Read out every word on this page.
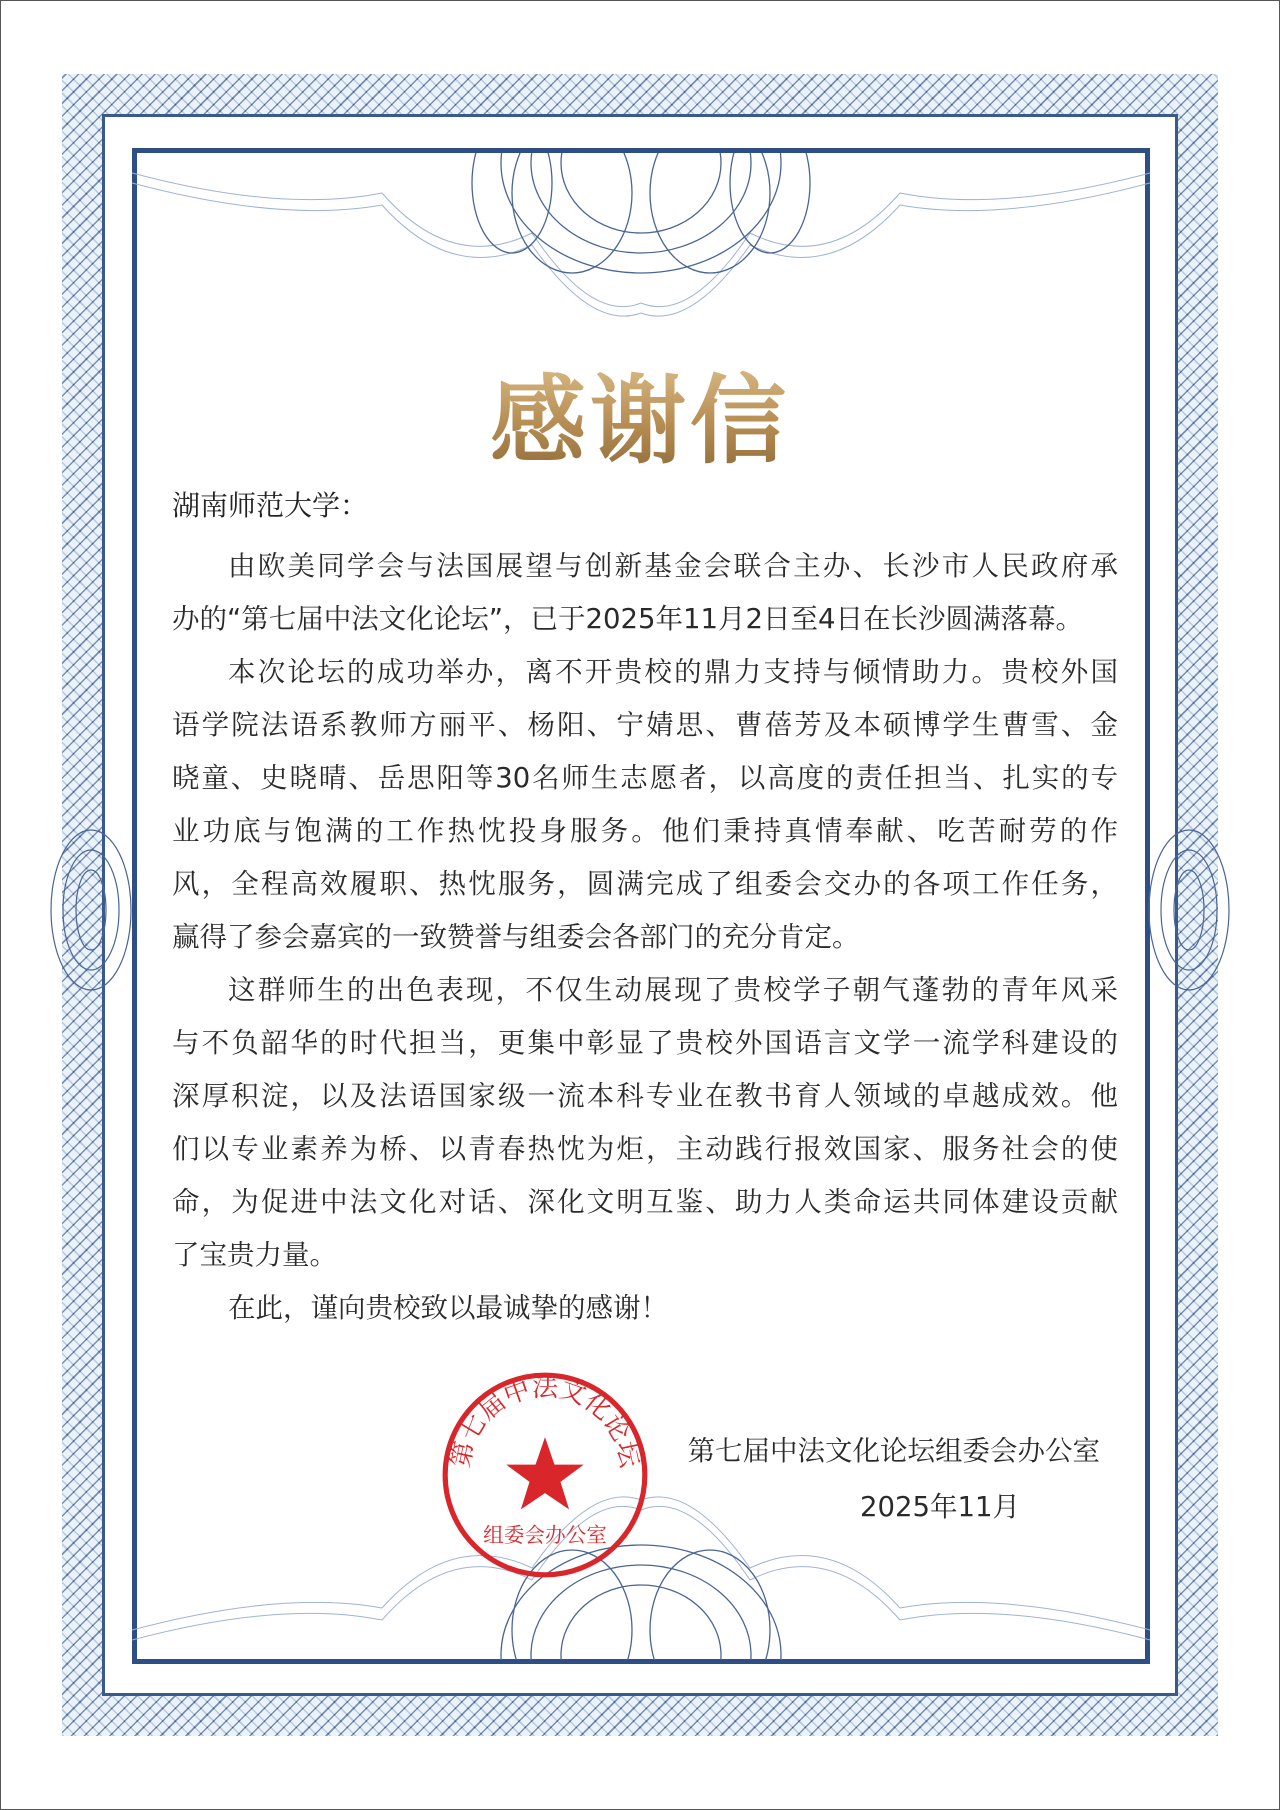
感谢信
湖南师范大学：
由欧美同学会与法国展望与创新基金会联合主办、长沙市人民政府承
办的“第七届中法文化论坛”，已于2025年11月2日至4日在长沙圆满落幕。
本次论坛的成功举办，离不开贵校的鼎力支持与倾情助力。贵校外国
语学院法语系教师方丽平、杨阳、宁婧思、曹蓓芳及本硕博学生曹雪、金
晓童、史晓晴、岳思阳等30名师生志愿者，以高度的责任担当、扎实的专
业功底与饱满的工作热忱投身服务。他们秉持真情奉献、吃苦耐劳的作
风，全程高效履职、热忱服务，圆满完成了组委会交办的各项工作任务，
赢得了参会嘉宾的一致赞誉与组委会各部门的充分肯定。
这群师生的出色表现，不仅生动展现了贵校学子朝气蓬勃的青年风采
与不负韶华的时代担当，更集中彰显了贵校外国语言文学一流学科建设的
深厚积淀，以及法语国家级一流本科专业在教书育人领域的卓越成效。他
们以专业素养为桥、以青春热忱为炬，主动践行报效国家、服务社会的使
命，为促进中法文化对话、深化文明互鉴、助力人类命运共同体建设贡献
了宝贵力量。
在此，谨向贵校致以最诚挚的感谢！
第七届中法文化论坛
组委会办公室
第七届中法文化论坛组委会办公室
2025年11月
